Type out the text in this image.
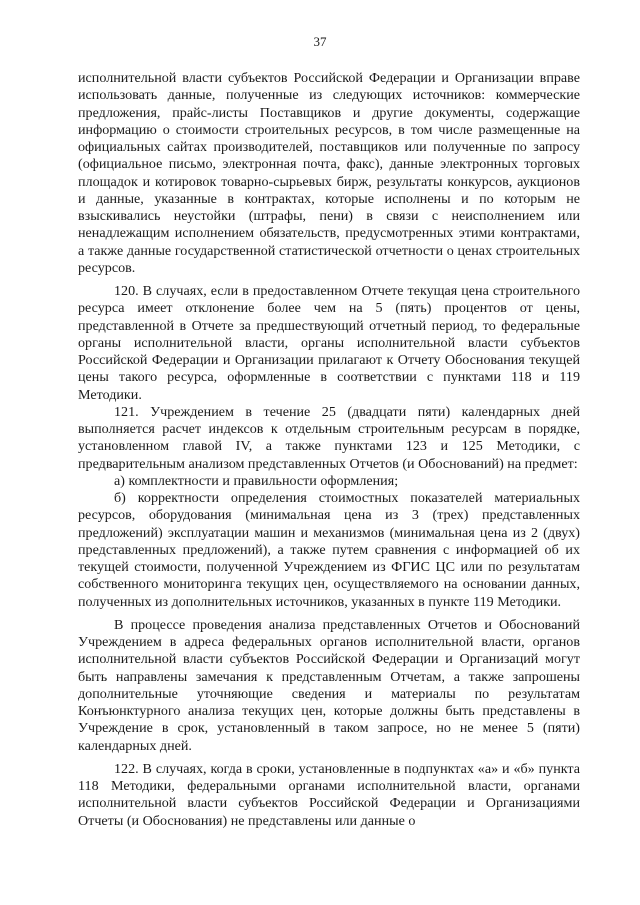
37

исполнительной власти субъектов Российской Федерации и Организации вправе использовать данные, полученные из следующих источников: коммерческие предложения, прайс-листы Поставщиков и другие документы, содержащие информацию о стоимости строительных ресурсов, в том числе размещенные на официальных сайтах производителей, поставщиков или полученные по запросу (официальное письмо, электронная почта, факс), данные электронных торговых площадок и котировок товарно-сырьевых бирж, результаты конкурсов, аукционов и данные, указанные в контрактах, которые исполнены и по которым не взыскивались неустойки (штрафы, пени) в связи с неисполнением или ненадлежащим исполнением обязательств, предусмотренных этими контрактами, а также данные государственной статистической отчетности о ценах строительных ресурсов.

120. В случаях, если в предоставленном Отчете текущая цена строительного ресурса имеет отклонение более чем на 5 (пять) процентов от цены, представленной в Отчете за предшествующий отчетный период, то федеральные органы исполнительной власти, органы исполнительной власти субъектов Российской Федерации и Организации прилагают к Отчету Обоснования текущей цены такого ресурса, оформленные в соответствии с пунктами 118 и 119 Методики.

121. Учреждением в течение 25 (двадцати пяти) календарных дней выполняется расчет индексов к отдельным строительным ресурсам в порядке, установленном главой IV, а также пунктами 123 и 125 Методики, с предварительным анализом представленных Отчетов (и Обоснований) на предмет:

а) комплектности и правильности оформления;

б) корректности определения стоимостных показателей материальных ресурсов, оборудования (минимальная цена из 3 (трех) представленных предложений) эксплуатации машин и механизмов (минимальная цена из 2 (двух) представленных предложений), а также путем сравнения с информацией об их текущей стоимости, полученной Учреждением из ФГИС ЦС или по результатам собственного мониторинга текущих цен, осуществляемого на основании данных, полученных из дополнительных источников, указанных в пункте 119 Методики.

В процессе проведения анализа представленных Отчетов и Обоснований Учреждением в адреса федеральных органов исполнительной власти, органов исполнительной власти субъектов Российской Федерации и Организаций могут быть направлены замечания к представленным Отчетам, а также запрошены дополнительные уточняющие сведения и материалы по результатам Конъюнктурного анализа текущих цен, которые должны быть представлены в Учреждение в срок, установленный в таком запросе, но не менее 5 (пяти) календарных дней.

122. В случаях, когда в сроки, установленные в подпунктах «а» и «б» пункта 118 Методики, федеральными органами исполнительной власти, органами исполнительной власти субъектов Российской Федерации и Организациями Отчеты (и Обоснования) не представлены или данные о
